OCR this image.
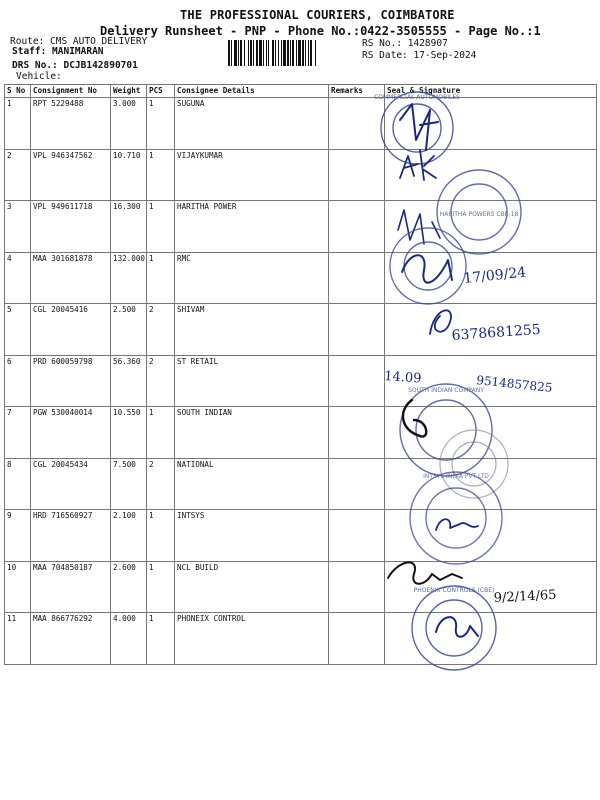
THE PROFESSIONAL COURIERS, COIMBATORE
Delivery Runsheet - PNP - Phone No.:0422-3505555 - Page No.:1
Route: CMS AUTO DELIVERY
Staff: MANIMARAN
DRS No.: DCJB142890701
Vehicle:
RS No.: 1428907
RS Date: 17-Sep-2024
S No	Consignment No	Weight	PCS	Consignee Details	Remarks	Seal & Signature
1	RPT 5229488	3.000	1	SUGUNA		
2	VPL 946347562	10.710	1	VIJAYKUMAR		
3	VPL 949611718	16.300	1	HARITHA POWER		
4	MAA 301681878	132.000	1	RMC		
5	CGL 20045416	2.500	2	SHIVAM		
6	PRD 600059798	56.360	2	ST RETAIL		
7	PGW 530040014	10.550	1	SOUTH INDIAN		
8	CGL 20045434	7.500	2	NATIONAL		
9	HRD 716560927	2.100	1	INTSYS		
10	MAA 704850187	2.600	1	NCL BUILD		
11	MAA 866776292	4.000	1	PHONEIX CONTROL		
COMMERCIAL AUTOMOBILES
HARITHA POWERS CBE-18
17/09/24
6378681255
14.09	9514857825
SOUTH INDIAN COMPANY
INTSYS INDIA PVT LTD
9/2/14/65
PHOENIX CONTROLS (CBE)
